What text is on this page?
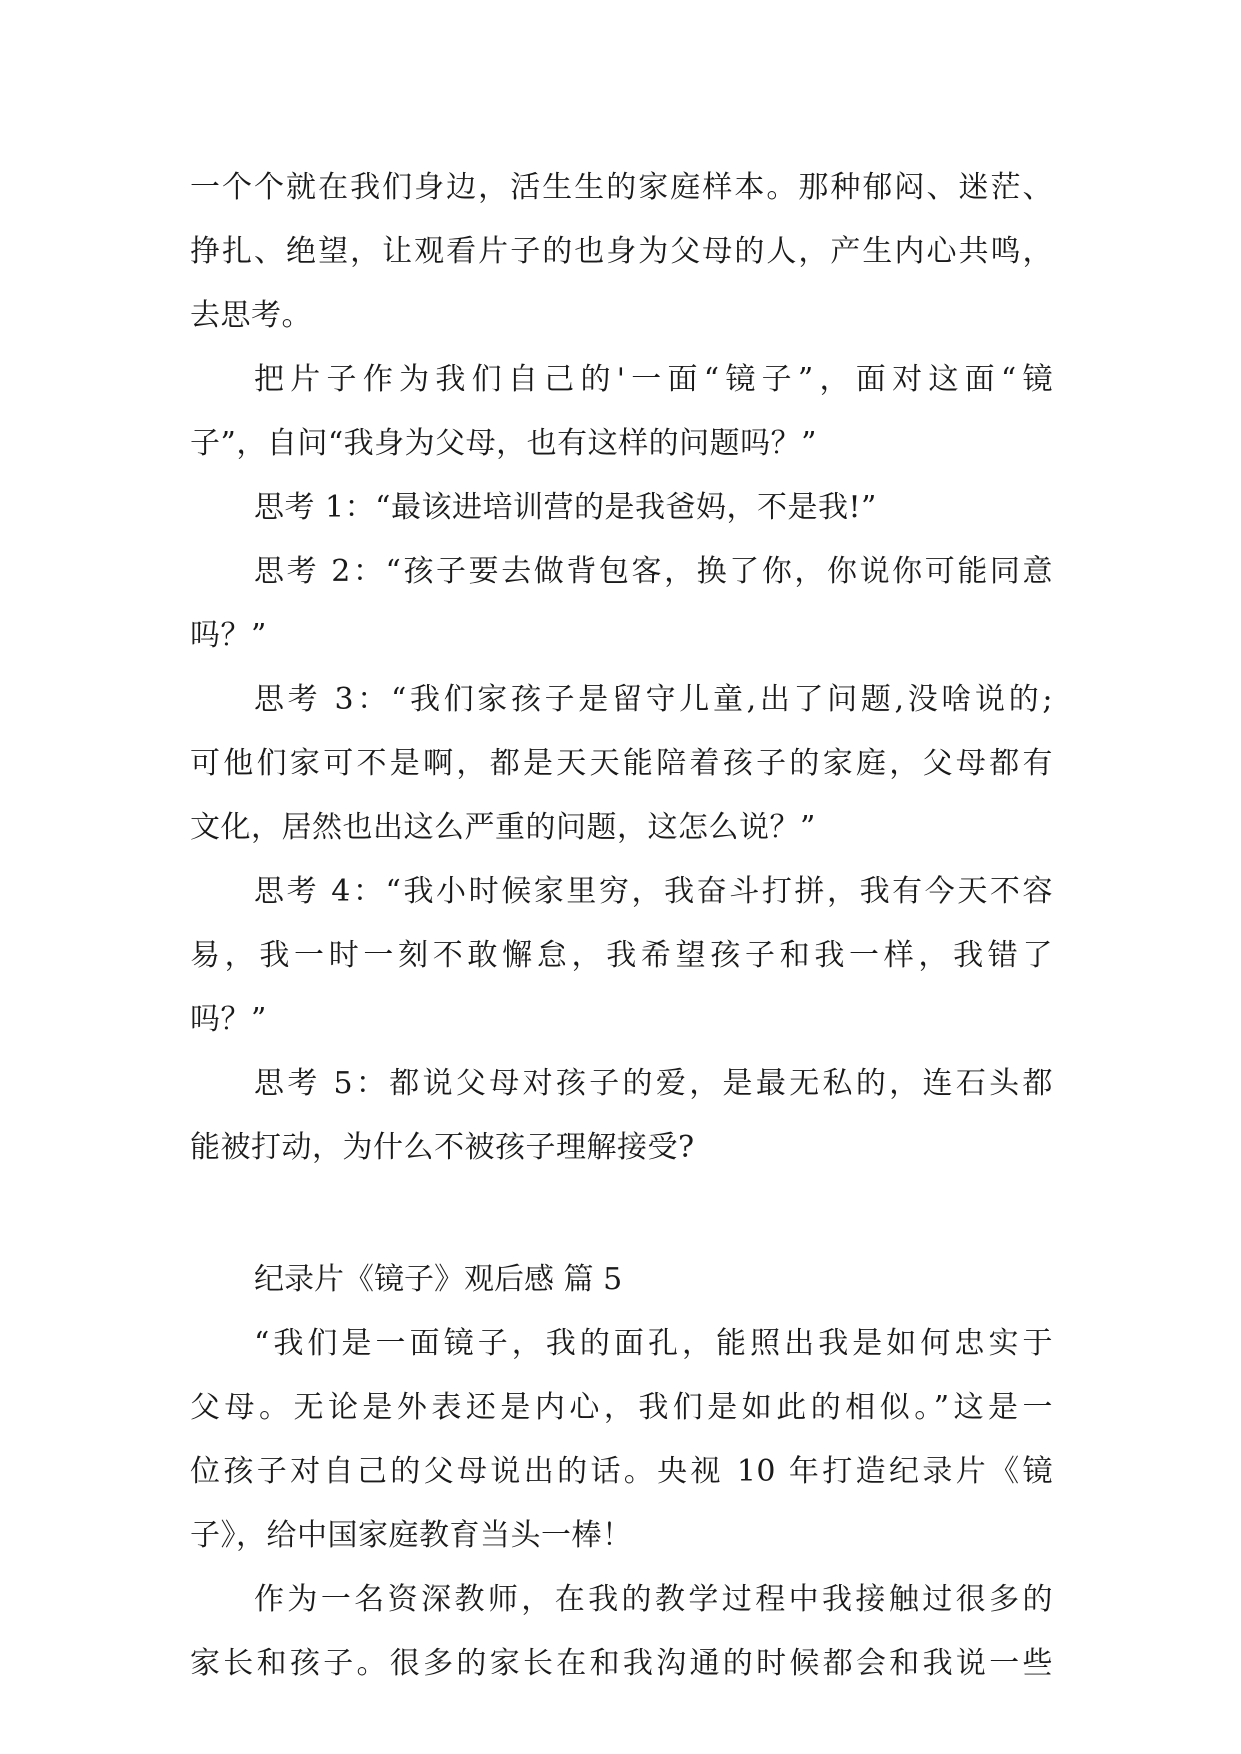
一个个就在我们身边，活生生的家庭样本。那种郁闷、迷茫、
挣扎、绝望，让观看片子的也身为父母的人，产生内心共鸣，
去思考。
把片子作为我们自己的'一面“镜子”，面对这面“镜
子”，自问“我身为父母，也有这样的问题吗？”
思考 1：“最该进培训营的是我爸妈，不是我!”
思考 2：“孩子要去做背包客，换了你，你说你可能同意
吗？”
思考 3：“我们家孩子是留守儿童,出了问题,没啥说的;
可他们家可不是啊，都是天天能陪着孩子的家庭，父母都有
文化，居然也出这么严重的问题，这怎么说？”
思考 4：“我小时候家里穷，我奋斗打拼，我有今天不容
易，我一时一刻不敢懈怠，我希望孩子和我一样，我错了
吗？”
思考 5：都说父母对孩子的爱，是最无私的，连石头都
能被打动，为什么不被孩子理解接受?
纪录片《镜子》观后感 篇 5
“我们是一面镜子，我的面孔，能照出我是如何忠实于
父母。无论是外表还是内心，我们是如此的相似。”这是一
位孩子对自己的父母说出的话。央视 10 年打造纪录片《镜
子》，给中国家庭教育当头一棒！
作为一名资深教师，在我的教学过程中我接触过很多的
家长和孩子。很多的家长在和我沟通的时候都会和我说一些
